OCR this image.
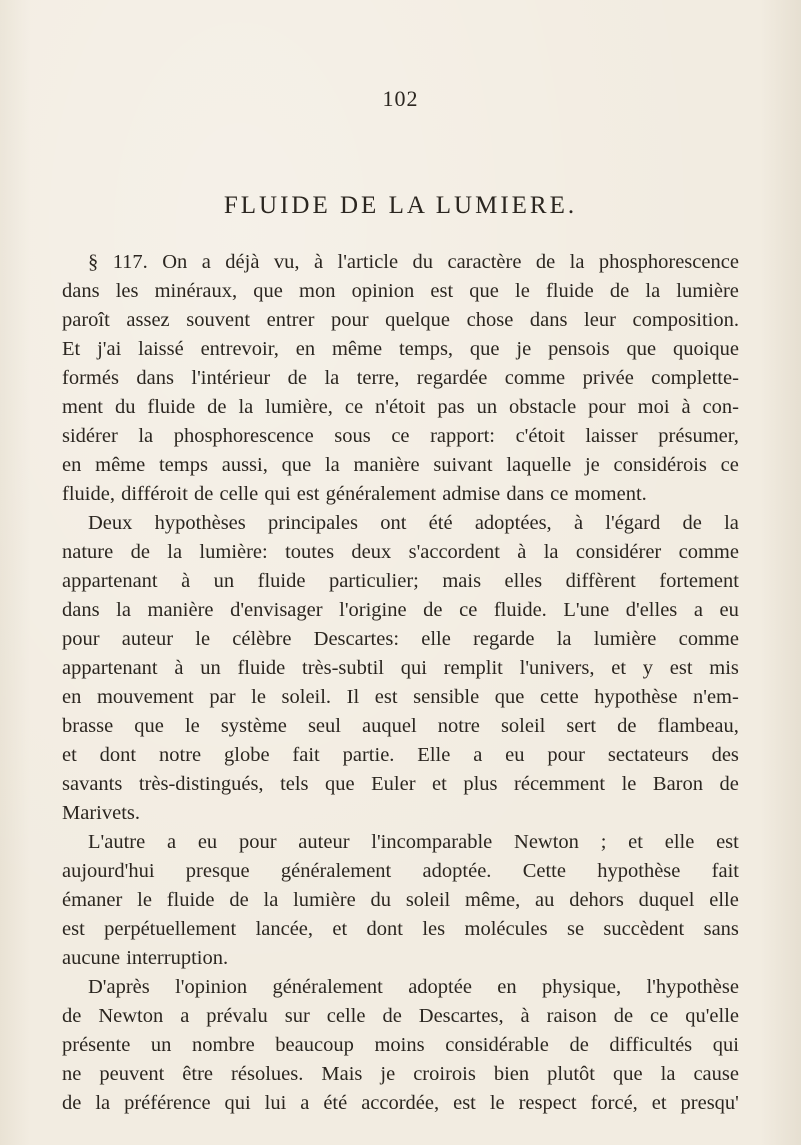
102
FLUIDE DE LA LUMIERE.
§ 117. On a déjà vu, à l'article du caractère de la phosphorescence
dans les minéraux, que mon opinion est que le fluide de la lumière
paroît assez souvent entrer pour quelque chose dans leur composition.
Et j'ai laissé entrevoir, en même temps, que je pensois que quoique
formés dans l'intérieur de la terre, regardée comme privée complette-
ment du fluide de la lumière, ce n'étoit pas un obstacle pour moi à con-
sidérer la phosphorescence sous ce rapport: c'étoit laisser présumer,
en même temps aussi, que la manière suivant laquelle je considérois ce
fluide, différoit de celle qui est généralement admise dans ce moment.
Deux hypothèses principales ont été adoptées, à l'égard de la
nature de la lumière: toutes deux s'accordent à la considérer comme
appartenant à un fluide particulier; mais elles diffèrent fortement
dans la manière d'envisager l'origine de ce fluide. L'une d'elles a eu
pour auteur le célèbre Descartes: elle regarde la lumière comme
appartenant à un fluide très-subtil qui remplit l'univers, et y est mis
en mouvement par le soleil. Il est sensible que cette hypothèse n'em-
brasse que le système seul auquel notre soleil sert de flambeau,
et dont notre globe fait partie. Elle a eu pour sectateurs des
savants très-distingués, tels que Euler et plus récemment le Baron de
Marivets.
L'autre a eu pour auteur l'incomparable Newton ; et elle est
aujourd'hui presque généralement adoptée. Cette hypothèse fait
émaner le fluide de la lumière du soleil même, au dehors duquel elle
est perpétuellement lancée, et dont les molécules se succèdent sans
aucune interruption.
D'après l'opinion généralement adoptée en physique, l'hypothèse
de Newton a prévalu sur celle de Descartes, à raison de ce qu'elle
présente un nombre beaucoup moins considérable de difficultés qui
ne peuvent être résolues. Mais je croirois bien plutôt que la cause
de la préférence qui lui a été accordée, est le respect forcé, et presqu'
